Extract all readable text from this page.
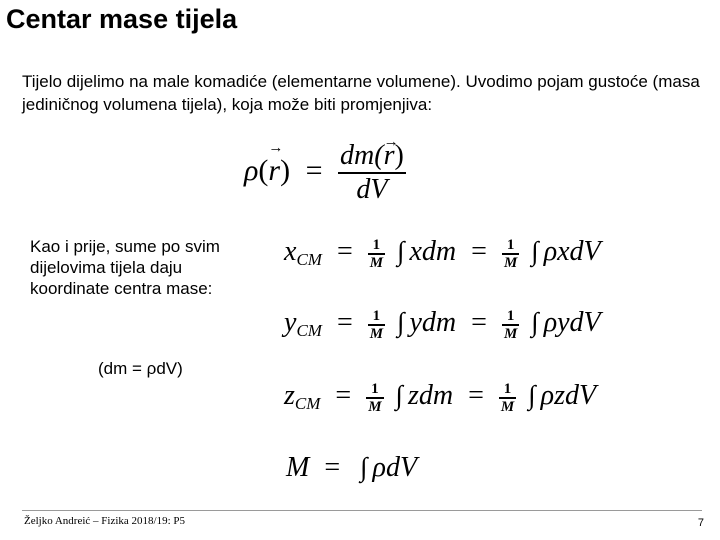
Centar mase tijela
Tijelo dijelimo na male komadiće (elementarne volumene). Uvodimo pojam gustoće (masa jediničnog volumena tijela), koja može biti promjenjiva:
$\rho(\to r) = \frac{dm(\to r)}{dV}$
Kao i prije, sume po svim dijelovima tijela daju koordinate centra mase:
(dm = ρdV)
$x_{CM} = \frac{1}{M}$ ∫ xdm = $\frac{1}{M}$ ∫ ρxdV
$y_{CM} = \frac{1}{M}$ ∫ ydm = $\frac{1}{M}$ ∫ ρydV
$z_{CM} = \frac{1}{M}$ ∫ zdm = $\frac{1}{M}$ ∫ ρzdV
M = ∫ ρdV
Željko Andreić – Fizika 2018/19: P5	7
